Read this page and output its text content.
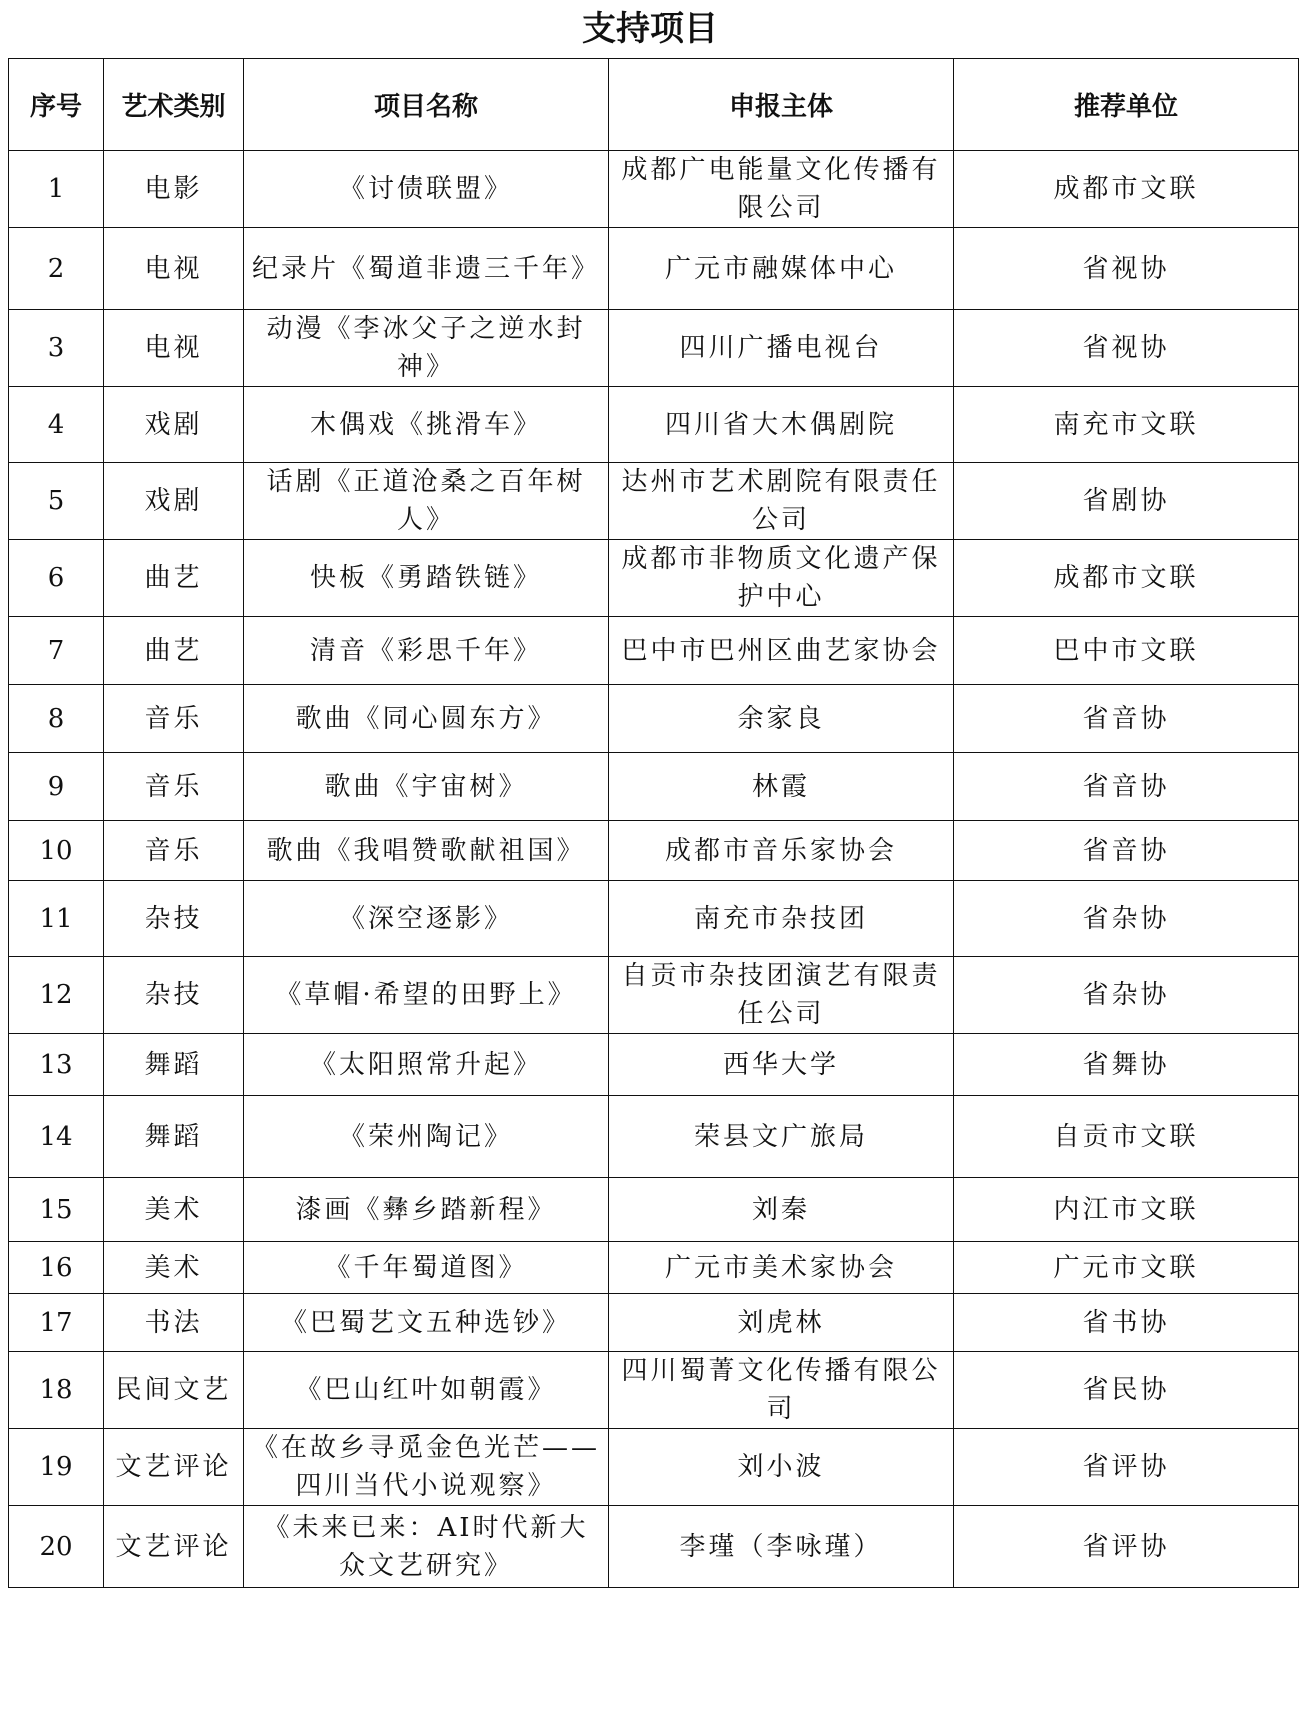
支持项目
序号	艺术类别	项目名称	申报主体	推荐单位
1	电影	《讨债联盟》	成都广电能量文化传播有限公司	成都市文联
2	电视	纪录片《蜀道非遗三千年》	广元市融媒体中心	省视协
3	电视	动漫《李冰父子之逆水封神》	四川广播电视台	省视协
4	戏剧	木偶戏《挑滑车》	四川省大木偶剧院	南充市文联
5	戏剧	话剧《正道沧桑之百年树人》	达州市艺术剧院有限责任公司	省剧协
6	曲艺	快板《勇踏铁链》	成都市非物质文化遗产保护中心	成都市文联
7	曲艺	清音《彩思千年》	巴中市巴州区曲艺家协会	巴中市文联
8	音乐	歌曲《同心圆东方》	余家良	省音协
9	音乐	歌曲《宇宙树》	林霞	省音协
10	音乐	歌曲《我唱赞歌献祖国》	成都市音乐家协会	省音协
11	杂技	《深空逐影》	南充市杂技团	省杂协
12	杂技	《草帽·希望的田野上》	自贡市杂技团演艺有限责任公司	省杂协
13	舞蹈	《太阳照常升起》	西华大学	省舞协
14	舞蹈	《荣州陶记》	荣县文广旅局	自贡市文联
15	美术	漆画《彝乡踏新程》	刘秦	内江市文联
16	美术	《千年蜀道图》	广元市美术家协会	广元市文联
17	书法	《巴蜀艺文五种选钞》	刘虎林	省书协
18	民间文艺	《巴山红叶如朝霞》	四川蜀菁文化传播有限公司	省民协
19	文艺评论	《在故乡寻觅金色光芒——四川当代小说观察》	刘小波	省评协
20	文艺评论	《未来已来：AI时代新大众文艺研究》	李瑾（李咏瑾）	省评协
